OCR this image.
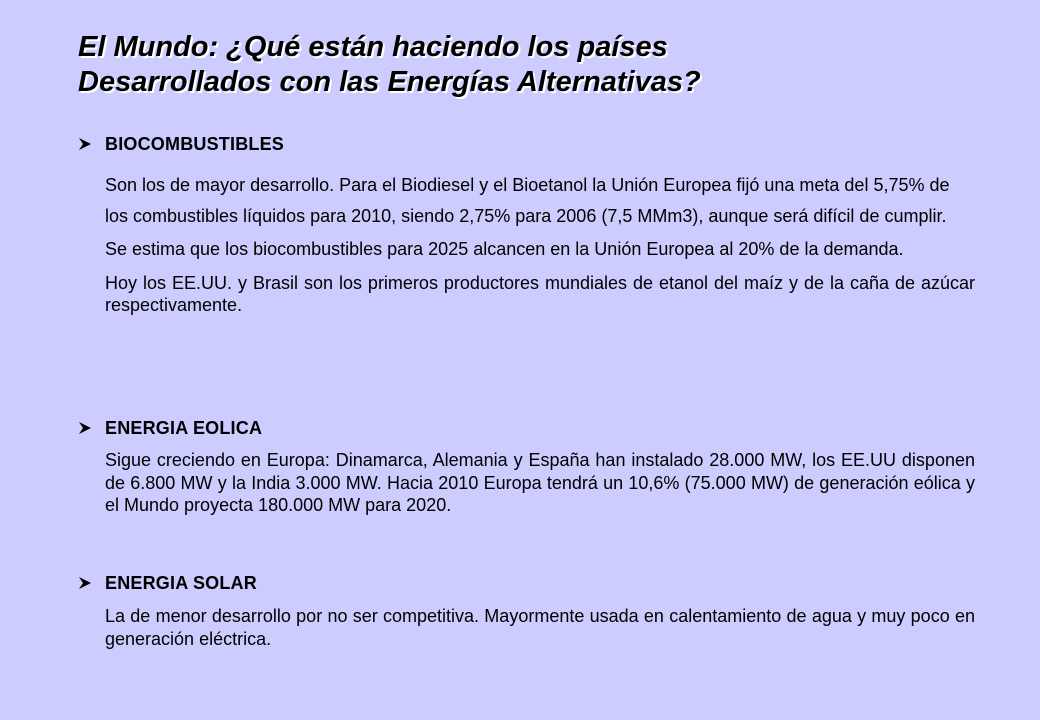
El Mundo: ¿Qué están haciendo los países
Desarrollados con las Energías Alternativas?
BIOCOMBUSTIBLES
Son los de mayor desarrollo. Para el Biodiesel y el Bioetanol la Unión Europea fijó una meta del 5,75% de los combustibles líquidos para 2010, siendo 2,75% para 2006 (7,5 MMm3), aunque será difícil de cumplir.
Se estima que los biocombustibles para 2025 alcancen en la Unión Europea al 20% de la demanda.
Hoy los EE.UU. y Brasil son los primeros productores mundiales de etanol del maíz y de la caña de azúcar respectivamente.
ENERGIA EOLICA
Sigue creciendo en Europa: Dinamarca, Alemania y España han instalado 28.000 MW, los EE.UU disponen de 6.800 MW y la India 3.000 MW. Hacia 2010 Europa tendrá un 10,6% (75.000 MW) de generación eólica y el Mundo proyecta 180.000 MW para 2020.
ENERGIA SOLAR
La de menor desarrollo por no ser competitiva. Mayormente usada en calentamiento de agua y muy poco en generación eléctrica.
